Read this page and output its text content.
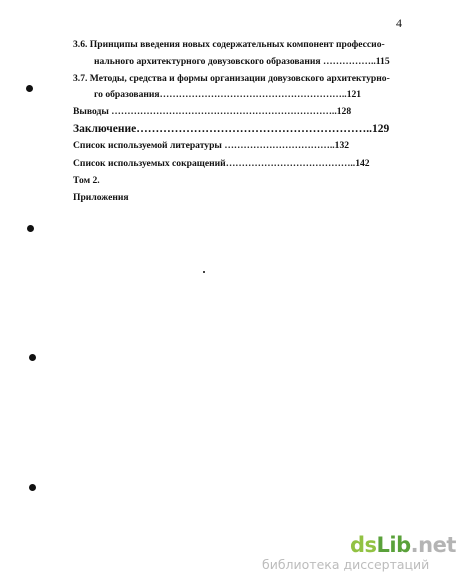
4
3.6. Принципы введения новых содержательных компонент профессио-
нального архитектурного довузовского образования ……………..115
3.7. Методы, средства и формы организации довузовского архитектурно-
го образования…………………………………………………..121
Выводы ……………………………………………………………..128
Заключение……………………………………………………..129
Список используемой литературы ……………………………..132
Список используемых сокращений…………………………………..142
Том 2.
Приложения
dsLib.net
библиотека диссертаций
